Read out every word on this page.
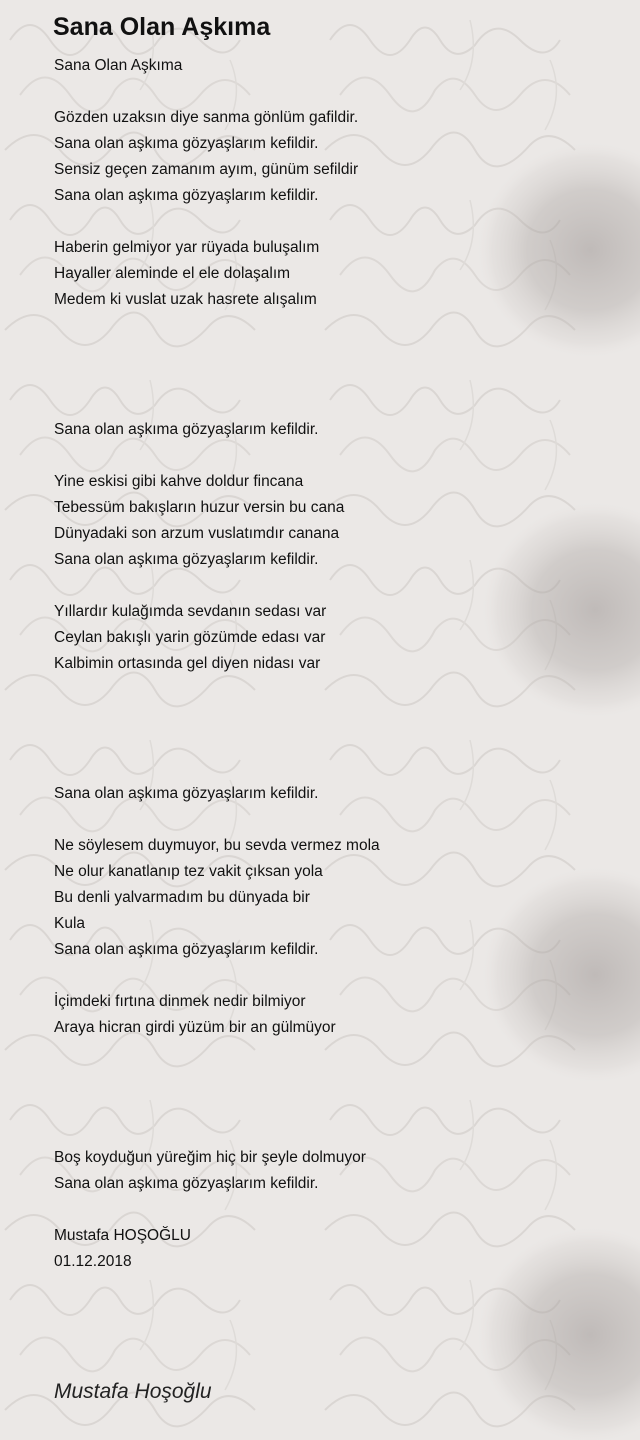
Sana Olan Aşkıma
Sana Olan Aşkıma
Gözden uzaksın diye sanma gönlüm gafildir.
Sana olan aşkıma gözyaşlarım kefildir.
Sensiz geçen zamanım ayım, günüm sefildir
Sana olan aşkıma gözyaşlarım kefildir.
Haberin gelmiyor yar rüyada buluşalım
Hayaller aleminde el ele dolaşalım
Medem ki vuslat uzak hasrete alışalım
Sana olan aşkıma gözyaşlarım kefildir.
Yine eskisi gibi kahve doldur fincana
Tebessüm bakışların huzur versin bu cana
Dünyadaki son arzum vuslatımdır canana
Sana olan aşkıma gözyaşlarım kefildir.
Yıllardır kulağımda sevdanın sedası var
Ceylan bakışlı yarin gözümde edası var
Kalbimin ortasında gel diyen nidası var
Sana olan aşkıma gözyaşlarım kefildir.
Ne söylesem duymuyor, bu sevda vermez mola
Ne olur kanatlanıp tez vakit çıksan yola
Bu denli yalvarmadım bu dünyada bir
Kula
Sana olan aşkıma gözyaşlarım kefildir.
İçimdeki fırtına dinmek nedir bilmiyor
Araya hicran girdi yüzüm bir an gülmüyor
Boş koyduğun yüreğim hiç bir şeyle dolmuyor
Sana olan aşkıma gözyaşlarım kefildir.
Mustafa HOŞOĞLU
01.12.2018
Mustafa Hoşoğlu
